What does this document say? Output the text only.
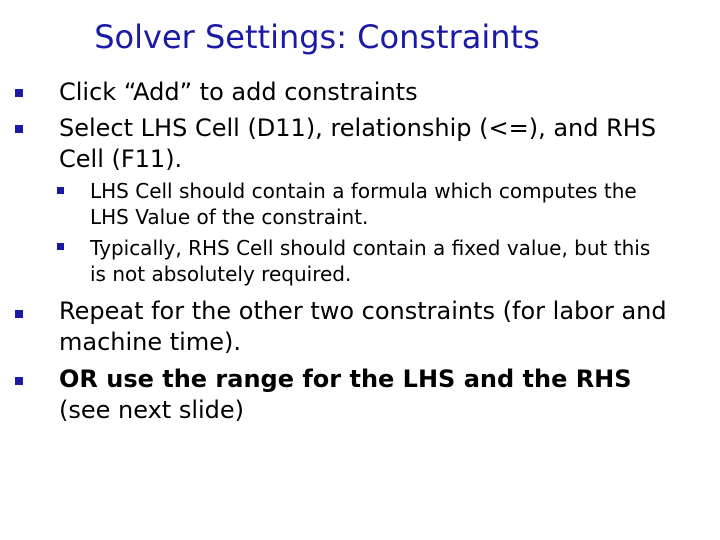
Solver Settings: Constraints
Click “Add” to add constraints
Select LHS Cell (D11), relationship (<=), and RHS
Cell (F11).
LHS Cell should contain a formula which computes the
LHS Value of the constraint.
Typically, RHS Cell should contain a fixed value, but this
is not absolutely required.
Repeat for the other two constraints (for labor and
machine time).
OR use the range for the LHS and the RHS
(see next slide)
